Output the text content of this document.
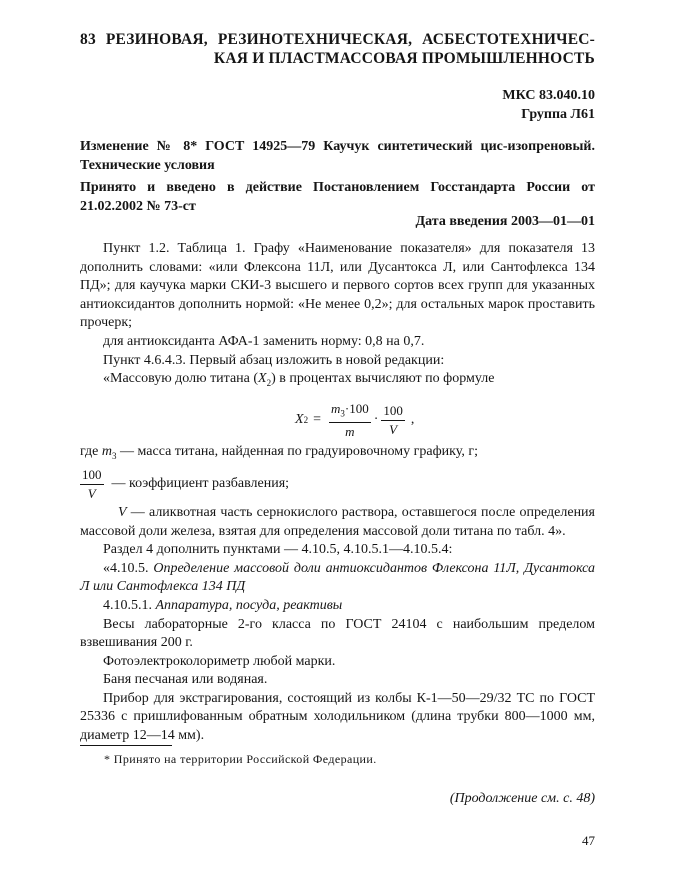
83 РЕЗИНОВАЯ, РЕЗИНОТЕХНИЧЕСКАЯ, АСБЕСТОТЕХНИЧЕС-
КАЯ И ПЛАСТМАССОВАЯ ПРОМЫШЛЕННОСТЬ
МКС 83.040.10
Группа Л61
Изменение № 8* ГОСТ 14925—79 Каучук синтетический цис-изопреновый. Технические условия
Принято и введено в действие Постановлением Госстандарта России от 21.02.2002 № 73-ст
Дата введения 2003—01—01

Пункт 1.2. Таблица 1. Графу «Наименование показателя» для показателя 13 дополнить словами: «или Флексона 11Л, или Дусантокса Л, или Сантофлекса 134 ПД»; для каучука марки СКИ-3 высшего и первого сортов всех групп для указанных антиоксидантов дополнить нормой: «Не менее 0,2»; для остальных марок проставить прочерк;

для антиоксиданта АФА-1 заменить норму: 0,8 на 0,7.

Пункт 4.6.4.3. Первый абзац изложить в новой редакции:

«Массовую долю титана $(X_2)$ в процентах вычисляют по формуле

X $2 = \frac{m_3\cdot 100}{m} \cdot \frac{100}{V}$ ,

где $m_3$ — масса титана, найденная по градуировочному графику, г;

$\frac{100}{V}$ — коэффициент разбавления;

V — аликвотная часть сернокислого раствора, оставшегося после определения массовой доли железа, взятая для определения массовой доли титана по табл. 4».

Раздел 4 дополнить пунктами — 4.10.5, 4.10.5.1—4.10.5.4:

«4.10.5. Определение массовой доли антиоксидантов Флексона 11Л, Дусантокса Л или Сантофлекса 134 ПД

4.10.5.1. Аппаратура, посуда, реактивы

Весы лабораторные 2-го класса по ГОСТ 24104 с наибольшим пределом взвешивания 200 г.

Фотоэлектроколориметр любой марки.

Баня песчаная или водяная.

Прибор для экстрагирования, состоящий из колбы К-1—50—29/32 ТС по ГОСТ 25336 с пришлифованным обратным холодильником (длина трубки 800—1000 мм, диаметр 12—14 мм).

* Принято на территории Российской Федерации.
(Продолжение см. с. 48)
47
